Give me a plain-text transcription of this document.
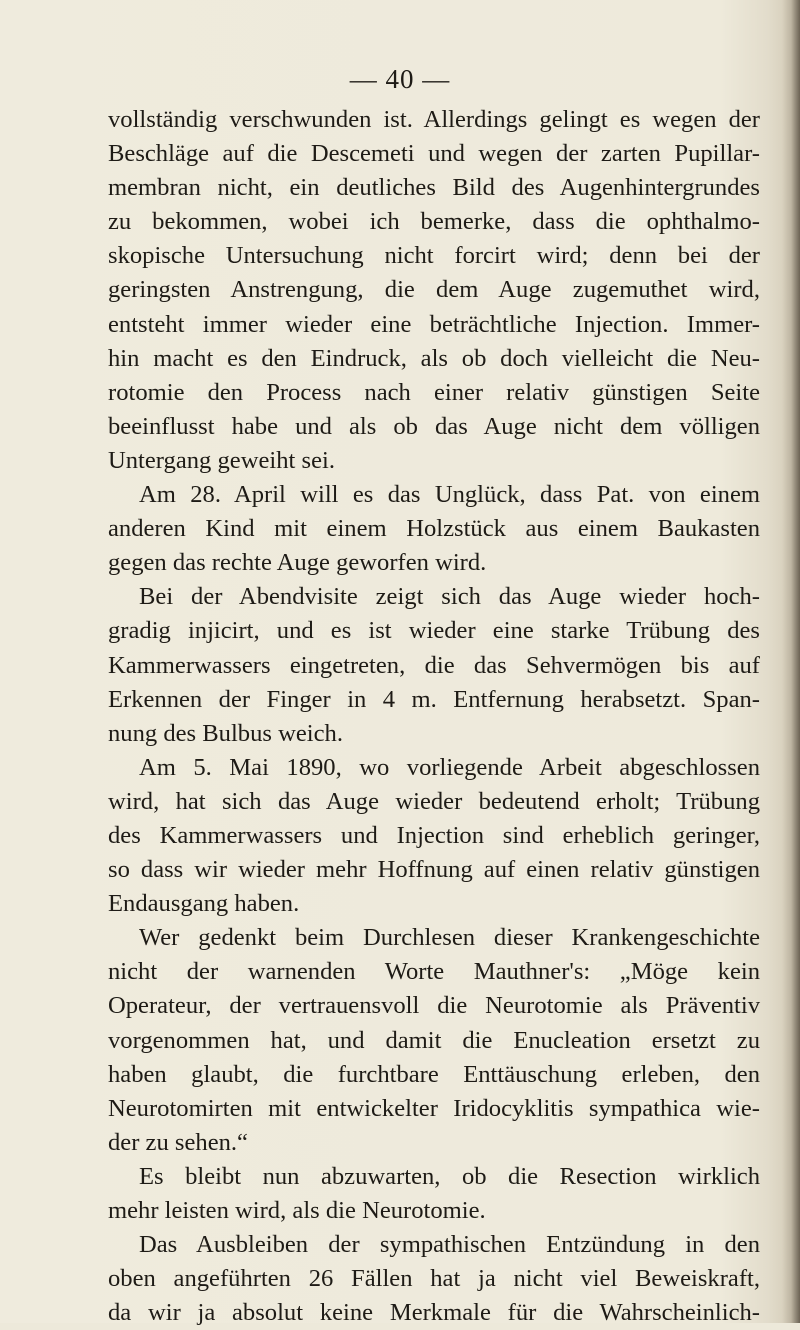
— 40 —
vollständig verschwunden ist. Allerdings gelingt es wegen der
Beschläge auf die Descemeti und wegen der zarten Pupillar-
membran nicht, ein deutliches Bild des Augenhintergrundes
zu bekommen, wobei ich bemerke, dass die ophthalmo-
skopische Untersuchung nicht forcirt wird; denn bei der
geringsten Anstrengung, die dem Auge zugemuthet wird,
entsteht immer wieder eine beträchtliche Injection. Immer-
hin macht es den Eindruck, als ob doch vielleicht die Neu-
rotomie den Process nach einer relativ günstigen Seite
beeinflusst habe und als ob das Auge nicht dem völligen
Untergang geweiht sei.
Am 28. April will es das Unglück, dass Pat. von einem
anderen Kind mit einem Holzstück aus einem Baukasten
gegen das rechte Auge geworfen wird.
Bei der Abendvisite zeigt sich das Auge wieder hoch-
gradig injicirt, und es ist wieder eine starke Trübung des
Kammerwassers eingetreten, die das Sehvermögen bis auf
Erkennen der Finger in 4 m. Entfernung herabsetzt. Span-
nung des Bulbus weich.
Am 5. Mai 1890, wo vorliegende Arbeit abgeschlossen
wird, hat sich das Auge wieder bedeutend erholt; Trübung
des Kammerwassers und Injection sind erheblich geringer,
so dass wir wieder mehr Hoffnung auf einen relativ günstigen
Endausgang haben.
Wer gedenkt beim Durchlesen dieser Krankengeschichte
nicht der warnenden Worte Mauthner's: „Möge kein
Operateur, der vertrauensvoll die Neurotomie als Präventiv
vorgenommen hat, und damit die Enucleation ersetzt zu
haben glaubt, die furchtbare Enttäuschung erleben, den
Neurotomirten mit entwickelter Iridocyklitis sympathica wie-
der zu sehen.“
Es bleibt nun abzuwarten, ob die Resection wirklich
mehr leisten wird, als die Neurotomie.
Das Ausbleiben der sympathischen Entzündung in den
oben angeführten 26 Fällen hat ja nicht viel Beweiskraft,
da wir ja absolut keine Merkmale für die Wahrscheinlich-
